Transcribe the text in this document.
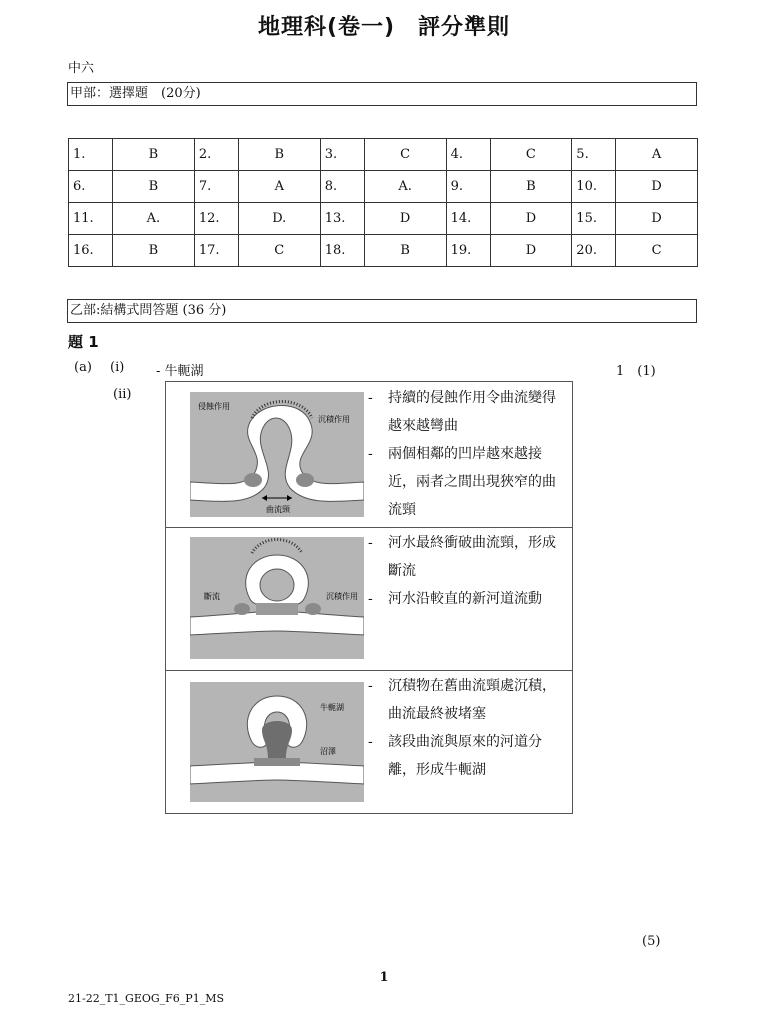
地理科(卷一)　評分準則
中六
甲部：選擇題　(20分)
1.	B	2.	B	3.	C	4.	C	5.	A
6.	B	7.	A	8.	A.	9.	B	10.	D
11.	A.	12.	D.	13.	D	14.	D	15.	D
16.	B	17.	C	18.	B	19.	D	20.	C
乙部:結構式問答題 (36 分)
題 1
(a) (i) - 牛軛湖	1　(1)
(ii)
侵蝕作用
沉積作用
曲流頸
- 持續的侵蝕作用令曲流變得越來越彎曲
- 兩個相鄰的凹岸越來越接近，兩者之間出現狹窄的曲流頸
斷流	沉積作用
- 河水最終衝破曲流頸，形成斷流
- 河水沿較直的新河道流動
牛軛湖
沼澤
- 沉積物在舊曲流頸處沉積，曲流最終被堵塞
- 該段曲流與原來的河道分離，形成牛軛湖
(5)
1
21-22_T1_GEOG_F6_P1_MS
